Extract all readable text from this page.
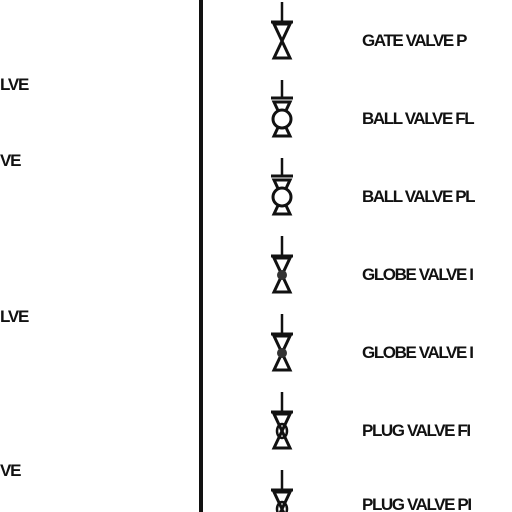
LVE
VE
LVE
VE
GATE VALVE P
BALL VALVE FL
BALL VALVE PL
GLOBE VALVE I
GLOBE VALVE I
PLUG VALVE FI
PLUG VALVE PI
